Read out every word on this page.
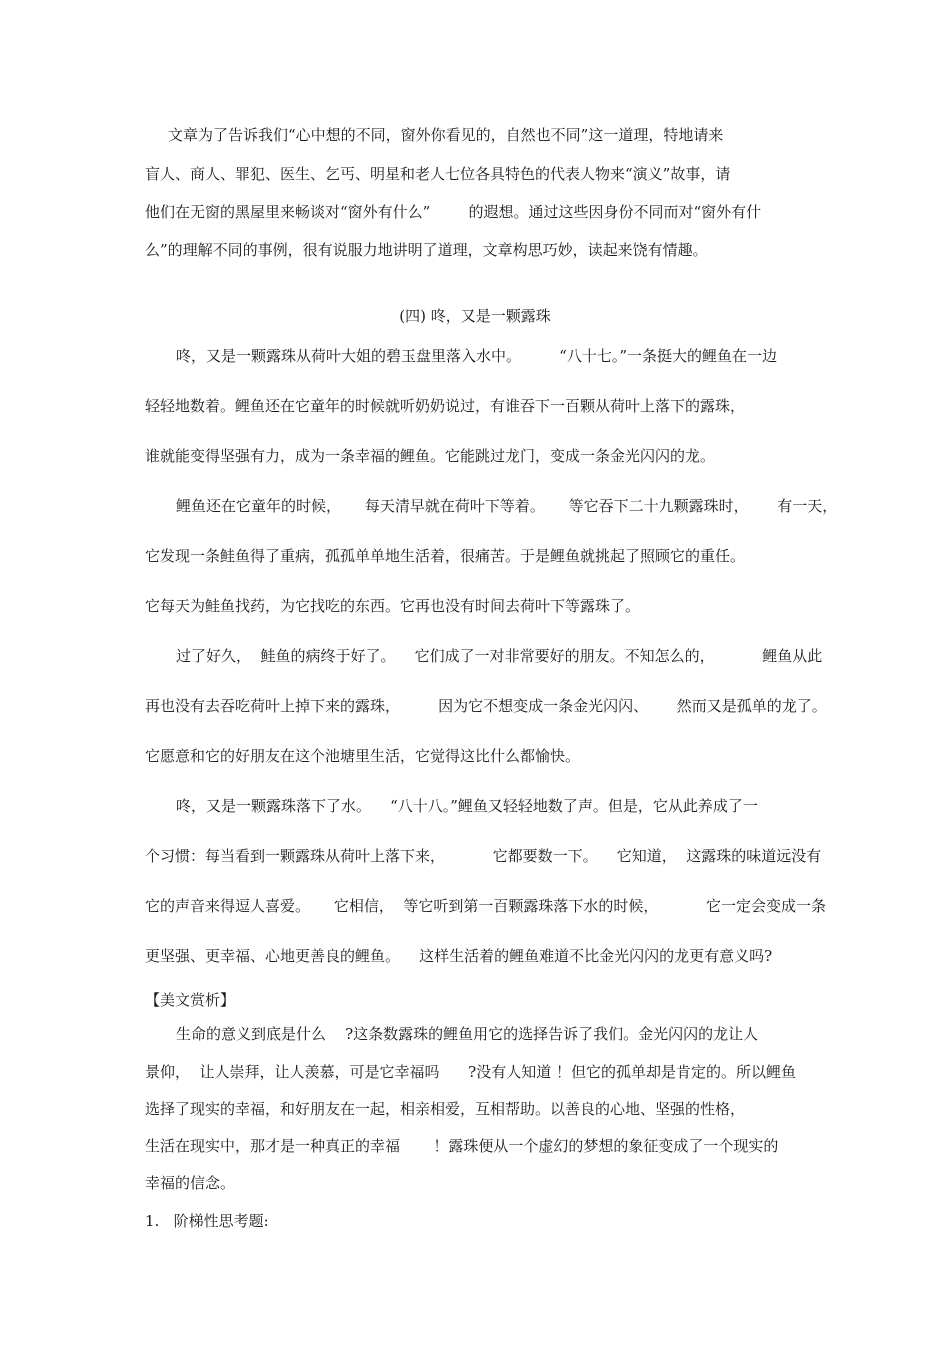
文章为了告诉我们“心中想的不同，窗外你看见的，自然也不同”这一道理，特地请来
盲人、商人、罪犯、医生、乞丐、明星和老人七位各具特色的代表人物来“演义”故事，请
他们在无窗的黑屋里来畅谈对“窗外有什么”        的遐想。通过这些因身份不同而对“窗外有什
么”的理解不同的事例，很有说服力地讲明了道理，文章构思巧妙，读起来饶有情趣。
(四) 咚，又是一颗露珠
咚，又是一颗露珠从荷叶大姐的碧玉盘里落入水中。        “八十七。”一条挺大的鲤鱼在一边
轻轻地数着。鲤鱼还在它童年的时候就听奶奶说过，有谁吞下一百颗从荷叶上落下的露珠，
谁就能变得坚强有力，成为一条幸福的鲤鱼。它能跳过龙门，变成一条金光闪闪的龙。
鲤鱼还在它童年的时候，     每天清早就在荷叶下等着。     等它吞下二十九颗露珠时，      有一天，
它发现一条鲑鱼得了重病，孤孤单单地生活着，很痛苦。于是鲤鱼就挑起了照顾它的重任。
它每天为鲑鱼找药，为它找吃的东西。它再也没有时间去荷叶下等露珠了。
过了好久，  鲑鱼的病终于好了。    它们成了一对非常要好的朋友。不知怎么的，          鲤鱼从此
再也没有去吞吃荷叶上掉下来的露珠，        因为它不想变成一条金光闪闪、      然而又是孤单的龙了。
它愿意和它的好朋友在这个池塘里生活，它觉得这比什么都愉快。
咚，又是一颗露珠落下了水。    “八十八。”鲤鱼又轻轻地数了声。但是，它从此养成了一
个习惯：每当看到一颗露珠从荷叶上落下来，          它都要数一下。    它知道，  这露珠的味道远没有
它的声音来得逗人喜爱。     它相信，  等它听到第一百颗露珠落下水的时候，          它一定会变成一条
更坚强、更幸福、心地更善良的鲤鱼。    这样生活着的鲤鱼难道不比金光闪闪的龙更有意义吗?
【美文赏析】
生命的意义到底是什么    ?这条数露珠的鲤鱼用它的选择告诉了我们。金光闪闪的龙让人
景仰，  让人崇拜，让人羡慕，可是它幸福吗      ?没有人知道 ！但它的孤单却是肯定的。所以鲤鱼
选择了现实的幸福，和好朋友在一起，相亲相爱，互相帮助。以善良的心地、坚强的性格，
生活在现实中，那才是一种真正的幸福       ！露珠便从一个虚幻的梦想的象征变成了一个现实的
幸福的信念。
1.   阶梯性思考题:
